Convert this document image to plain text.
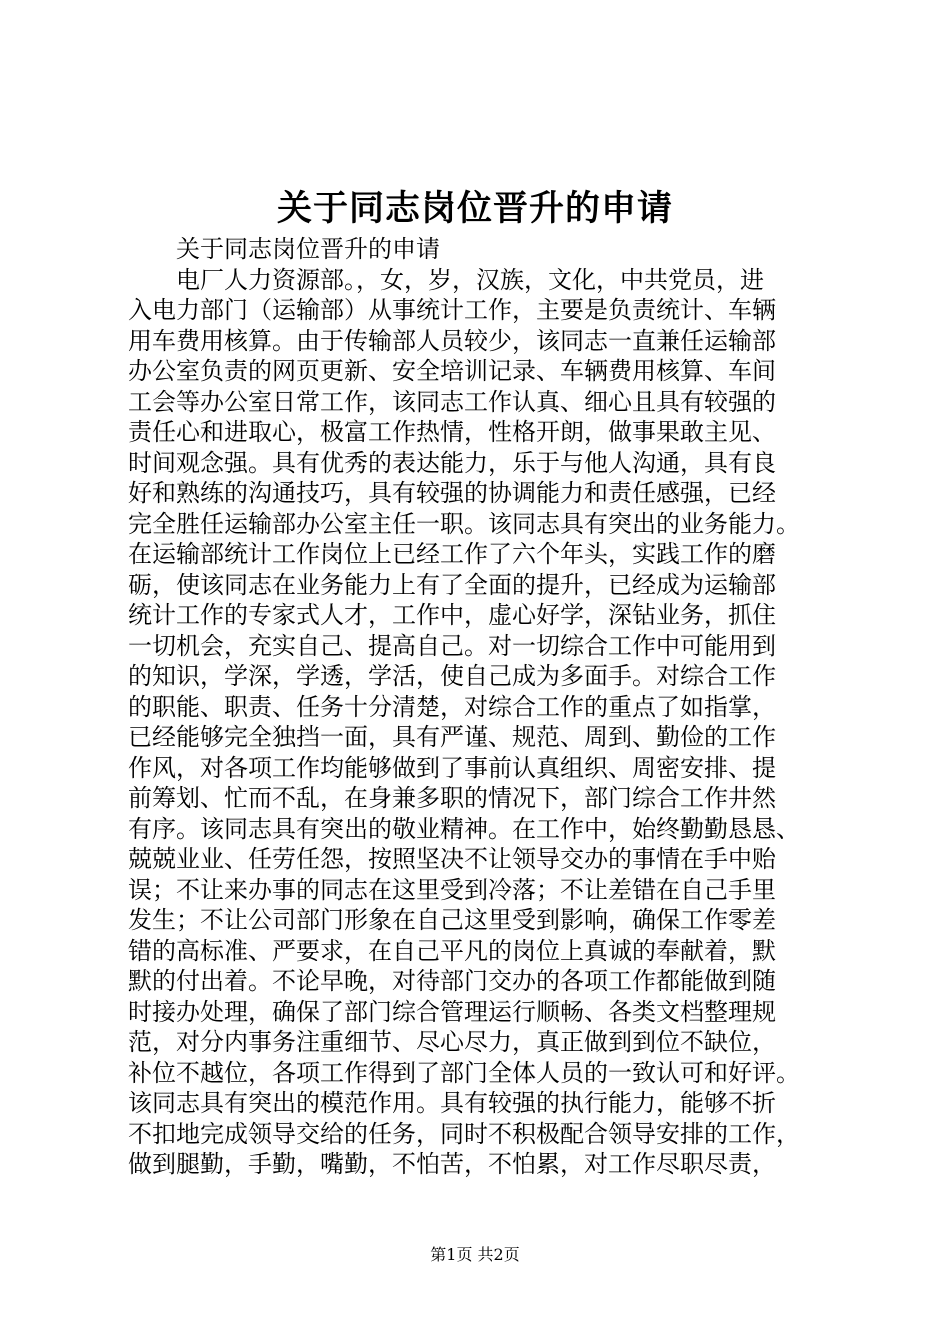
关于同志岗位晋升的申请
关于同志岗位晋升的申请
电厂人力资源部。，女，岁，汉族，文化，中共党员，进
入电力部门（运输部）从事统计工作，主要是负责统计、车辆
用车费用核算。由于传输部人员较少，该同志一直兼任运输部
办公室负责的网页更新、安全培训记录、车辆费用核算、车间
工会等办公室日常工作，该同志工作认真、细心且具有较强的
责任心和进取心，极富工作热情，性格开朗，做事果敢主见、
时间观念强。具有优秀的表达能力，乐于与他人沟通，具有良
好和熟练的沟通技巧，具有较强的协调能力和责任感强，已经
完全胜任运输部办公室主任一职。该同志具有突出的业务能力。
在运输部统计工作岗位上已经工作了六个年头，实践工作的磨
砺，使该同志在业务能力上有了全面的提升，已经成为运输部
统计工作的专家式人才，工作中，虚心好学，深钻业务，抓住
一切机会，充实自己、提高自己。对一切综合工作中可能用到
的知识，学深，学透，学活，使自己成为多面手。对综合工作
的职能、职责、任务十分清楚，对综合工作的重点了如指掌，
已经能够完全独挡一面，具有严谨、规范、周到、勤俭的工作
作风，对各项工作均能够做到了事前认真组织、周密安排、提
前筹划、忙而不乱，在身兼多职的情况下，部门综合工作井然
有序。该同志具有突出的敬业精神。在工作中，始终勤勤恳恳、
兢兢业业、任劳任怨，按照坚决不让领导交办的事情在手中贻
误；不让来办事的同志在这里受到冷落；不让差错在自己手里
发生；不让公司部门形象在自己这里受到影响，确保工作零差
错的高标准、严要求，在自己平凡的岗位上真诚的奉献着，默
默的付出着。不论早晚，对待部门交办的各项工作都能做到随
时接办处理，确保了部门综合管理运行顺畅、各类文档整理规
范，对分内事务注重细节、尽心尽力，真正做到到位不缺位，
补位不越位，各项工作得到了部门全体人员的一致认可和好评。
该同志具有突出的模范作用。具有较强的执行能力，能够不折
不扣地完成领导交给的任务，同时不积极配合领导安排的工作，
做到腿勤，手勤，嘴勤，不怕苦，不怕累，对工作尽职尽责，
第1页 共2页
